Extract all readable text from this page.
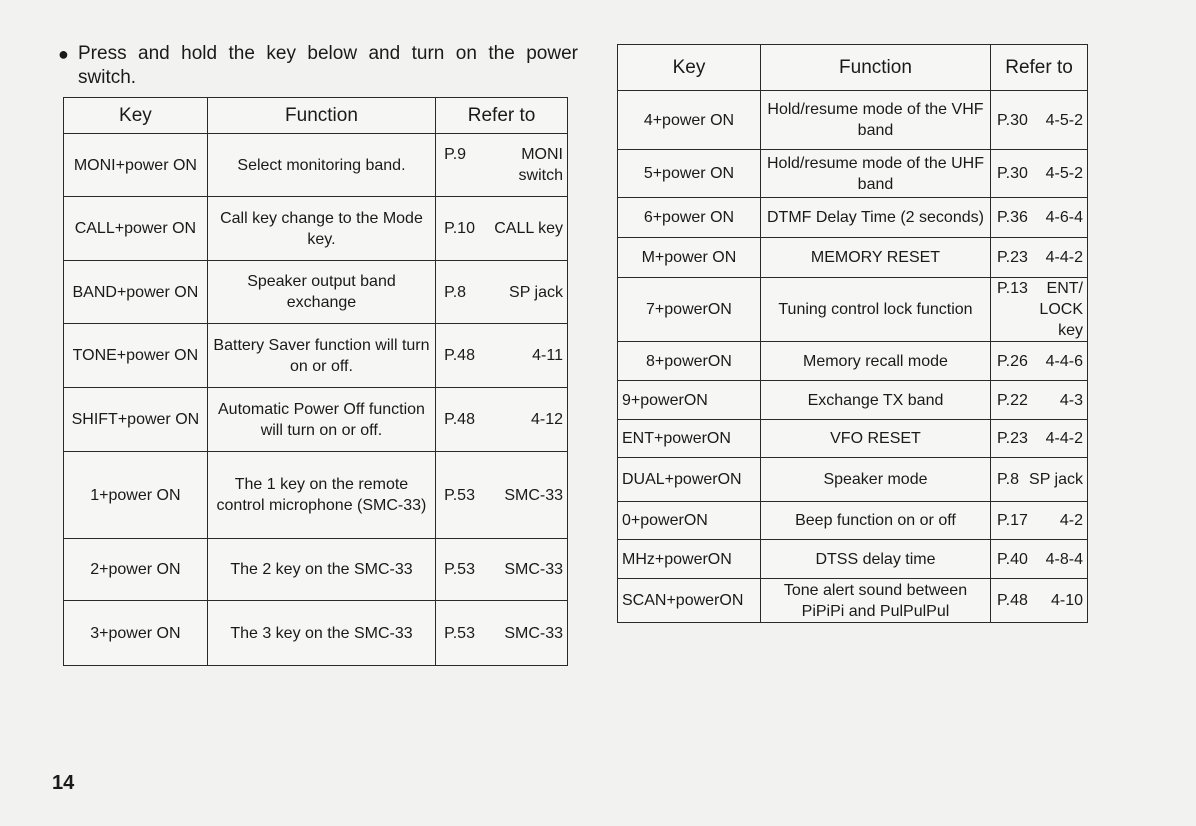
● Press and hold the key below and turn on the power switch.
Key	Function	Refer to
MONI+power ON	Select monitoring band.	P.9 MONI switch

CALL+power ON	Call key change to the Mode key.	P.10 CALL key

BAND+power ON	Speaker output band exchange	P.8 SP jack

TONE+power ON	Battery Saver function will turn on or off.	P.48 4-11

SHIFT+power ON	Automatic Power Off function will turn on or off.	P.48 4-12

1+power ON	The 1 key on the remote control microphone (SMC-33)	P.53 SMC-33

2+power ON	The 2 key on the SMC-33	P.53 SMC-33

3+power ON	The 3 key on the SMC-33	P.53 SMC-33
Key	Function	Refer to
4+power ON	Hold/resume mode of the VHF band	P.30 4-5-2

5+power ON	Hold/resume mode of the UHF band	P.30 4-5-2

6+power ON	DTMF Delay Time (2 seconds)	P.36 4-6-4

M+power ON	MEMORY RESET	P.23 4-4-2

7+powerON	Tuning control lock function	P.13 ENT/ LOCK key

8+powerON	Memory recall mode	P.26 4-4-6

9+powerON	Exchange TX band	P.22 4-3

ENT+powerON	VFO RESET	P.23 4-4-2

DUAL+powerON	Speaker mode	P.8 SP jack

0+powerON	Beep function on or off	P.17 4-2

MHz+powerON	DTSS delay time	P.40 4-8-4

SCAN+powerON	Tone alert sound between PiPiPi and PulPulPul	P.48 4-10
14
